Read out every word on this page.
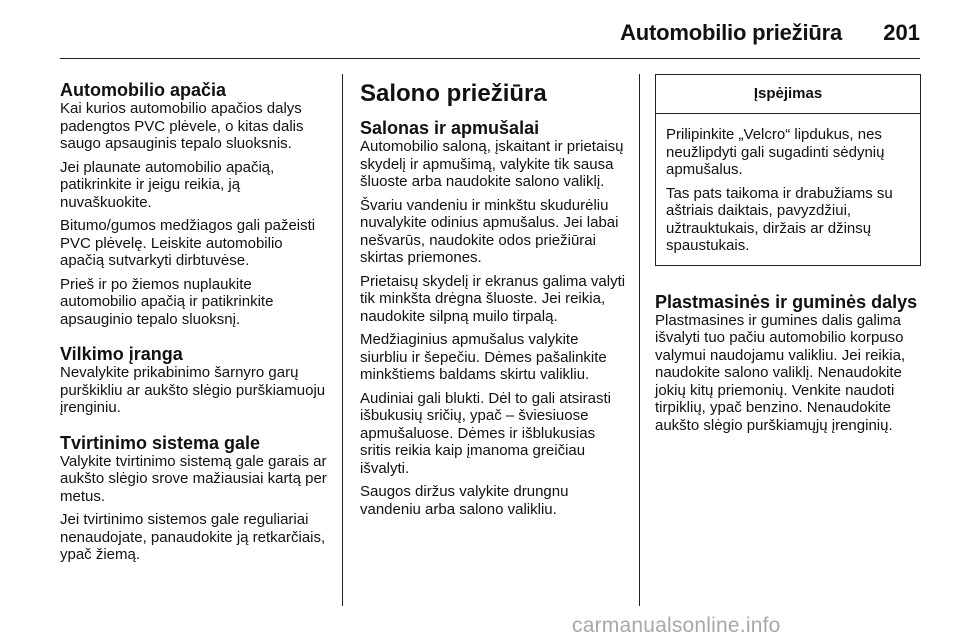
Automobilio priežiūra 201
Automobilio apačia

Kai kurios automobilio apačios dalys padengtos PVC plėvele, o kitas dalis saugo apsauginis tepalo sluoksnis.

Jei plaunate automobilio apačią, patikrinkite ir jeigu reikia, ją nuvaškuokite.

Bitumo/gumos medžiagos gali pažeisti PVC plėvelę. Leiskite automobilio apačią sutvarkyti dirbtuvėse.

Prieš ir po žiemos nuplaukite automobilio apačią ir patikrinkite apsauginio tepalo sluoksnį.

Vilkimo įranga

Nevalykite prikabinimo šarnyro garų purškikliu ar aukšto slėgio purškiamuoju įrenginiu.

Tvirtinimo sistema gale

Valykite tvirtinimo sistemą gale garais ar aukšto slėgio srove mažiausiai kartą per metus.

Jei tvirtinimo sistemos gale reguliariai nenaudojate, panaudokite ją retkarčiais, ypač žiemą.

Salono priežiūra
Salonas ir apmušalai

Automobilio saloną, įskaitant ir prietaisų skydelį ir apmušimą, valykite tik sausa šluoste arba naudokite salono valiklį.

Švariu vandeniu ir minkštu skudurėliu nuvalykite odinius apmušalus. Jei labai nešvarūs, naudokite odos priežiūrai skirtas priemones.

Prietaisų skydelį ir ekranus galima valyti tik minkšta drėgna šluoste. Jei reikia, naudokite silpną muilo tirpalą.

Medžiaginius apmušalus valykite siurbliu ir šepečiu. Dėmes pašalinkite minkštiems baldams skirtu valikliu.

Audiniai gali blukti. Dėl to gali atsirasti išbukusių sričių, ypač – šviesiuose apmušaluose. Dėmes ir išblukusias sritis reikia kaip įmanoma greičiau išvalyti.

Saugos diržus valykite drungnu vandeniu arba salono valikliu.

Įspėjimas

Prilipinkite „Velcro“ lipdukus, nes neužlipdyti gali sugadinti sėdynių apmušalus.

Tas pats taikoma ir drabužiams su aštriais daiktais, pavyzdžiui, užtrauktukais, diržais ar džinsų spaustukais.

Plastmasinės ir guminės dalys

Plastmasines ir gumines dalis galima išvalyti tuo pačiu automobilio korpuso valymui naudojamu valikliu. Jei reikia, naudokite salono valiklį. Nenaudokite jokių kitų priemonių. Venkite naudoti tirpiklių, ypač benzino. Nenaudokite aukšto slėgio purškiamųjų įrenginių.

carmanualsonline.info
